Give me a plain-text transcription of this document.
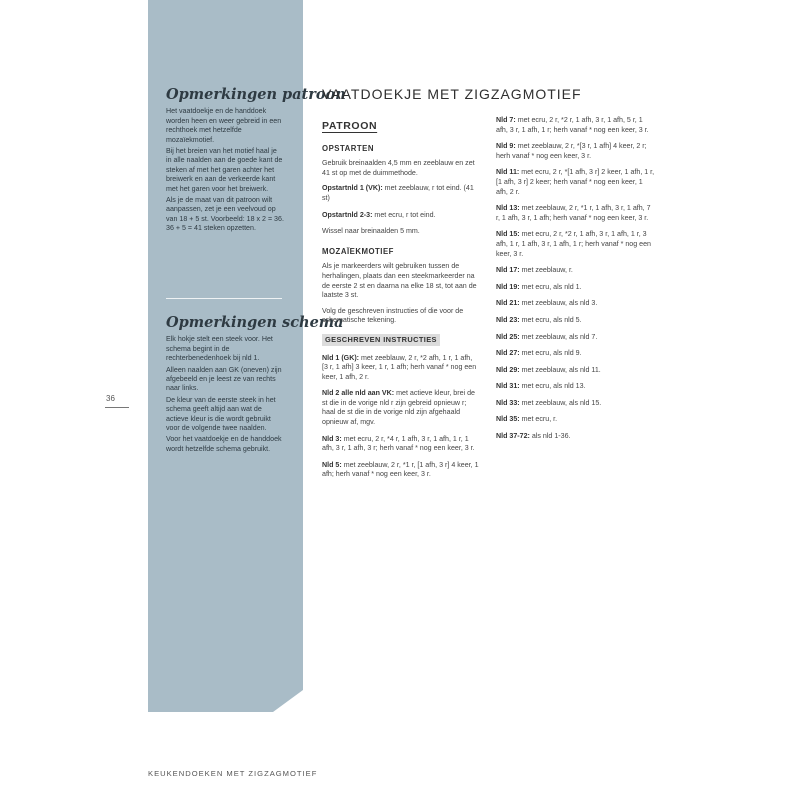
Opmerkingen patroon

Het vaatdoekje en de handdoek worden heen en weer gebreid in een rechthoek met hetzelfde mozaïekmotief.

Bij het breien van het motief haal je in alle naalden aan de goede kant de steken af met het garen achter het breiwerk en aan de verkeerde kant met het garen voor het breiwerk.

Als je de maat van dit patroon wilt aanpassen, zet je een veelvoud op van 18 + 5 st. Voorbeeld: 18 x 2 = 36. 36 + 5 = 41 steken opzetten.

Opmerkingen schema

Elk hokje stelt een steek voor. Het schema begint in de rechterbenedenhoek bij nld 1.

Alleen naalden aan GK (oneven) zijn afgebeeld en je leest ze van rechts naar links.

De kleur van de eerste steek in het schema geeft altijd aan wat de actieve kleur is die wordt gebruikt voor de volgende twee naalden.

Voor het vaatdoekje en de handdoek wordt hetzelfde schema gebruikt.

36
VAATDOEKJE MET ZIGZAGMOTIEF
PATROON
OPSTARTEN

Gebruik breinaalden 4,5 mm en zeeblauw en zet 41 st op met de duimmethode.

Opstartnld 1 (VK): met zeeblauw, r tot eind. (41 st)

Opstartnld 2-3: met ecru, r tot eind.

Wissel naar breinaalden 5 mm.

MOZAÏEKMOTIEF

Als je markeerders wilt gebruiken tussen de herhalingen, plaats dan een steekmarkeerder na de eerste 2 st en daarna na elke 18 st, tot aan de laatste 3 st.

Volg de geschreven instructies of die voor de schematische tekening.

GESCHREVEN INSTRUCTIES

Nld 1 (GK): met zeeblauw, 2 r, *2 afh, 1 r, 1 afh, [3 r, 1 afh] 3 keer, 1 r, 1 afh; herh vanaf * nog een keer, 1 afh, 2 r.

Nld 2 alle nld aan VK: met actieve kleur, brei de st die in de vorige nld r zijn gebreid opnieuw r; haal de st die in de vorige nld zijn afgehaald opnieuw af, mgv.

Nld 3: met ecru, 2 r, *4 r, 1 afh, 3 r, 1 afh, 1 r, 1 afh, 3 r, 1 afh, 3 r; herh vanaf * nog een keer, 3 r.

Nld 5: met zeeblauw, 2 r, *1 r, [1 afh, 3 r] 4 keer, 1 afh; herh vanaf * nog een keer, 3 r.

Nld 7: met ecru, 2 r, *2 r, 1 afh, 3 r, 1 afh, 5 r, 1 afh, 3 r, 1 afh, 1 r; herh vanaf * nog een keer, 3 r.

Nld 9: met zeeblauw, 2 r, *[3 r, 1 afh] 4 keer, 2 r; herh vanaf * nog een keer, 3 r.

Nld 11: met ecru, 2 r, *[1 afh, 3 r] 2 keer, 1 afh, 1 r, [1 afh, 3 r] 2 keer; herh vanaf * nog een keer, 1 afh, 2 r.

Nld 13: met zeeblauw, 2 r, *1 r, 1 afh, 3 r, 1 afh, 7 r, 1 afh, 3 r, 1 afh; herh vanaf * nog een keer, 3 r.

Nld 15: met ecru, 2 r, *2 r, 1 afh, 3 r, 1 afh, 1 r, 3 afh, 1 r, 1 afh, 3 r, 1 afh, 1 r; herh vanaf * nog een keer, 3 r.

Nld 17: met zeeblauw, r.

Nld 19: met ecru, als nld 1.

Nld 21: met zeeblauw, als nld 3.

Nld 23: met ecru, als nld 5.

Nld 25: met zeeblauw, als nld 7.

Nld 27: met ecru, als nld 9.

Nld 29: met zeeblauw, als nld 11.

Nld 31: met ecru, als nld 13.

Nld 33: met zeeblauw, als nld 15.

Nld 35: met ecru, r.

Nld 37-72: als nld 1-36.

KEUKENDOEKEN MET ZIGZAGMOTIEF
